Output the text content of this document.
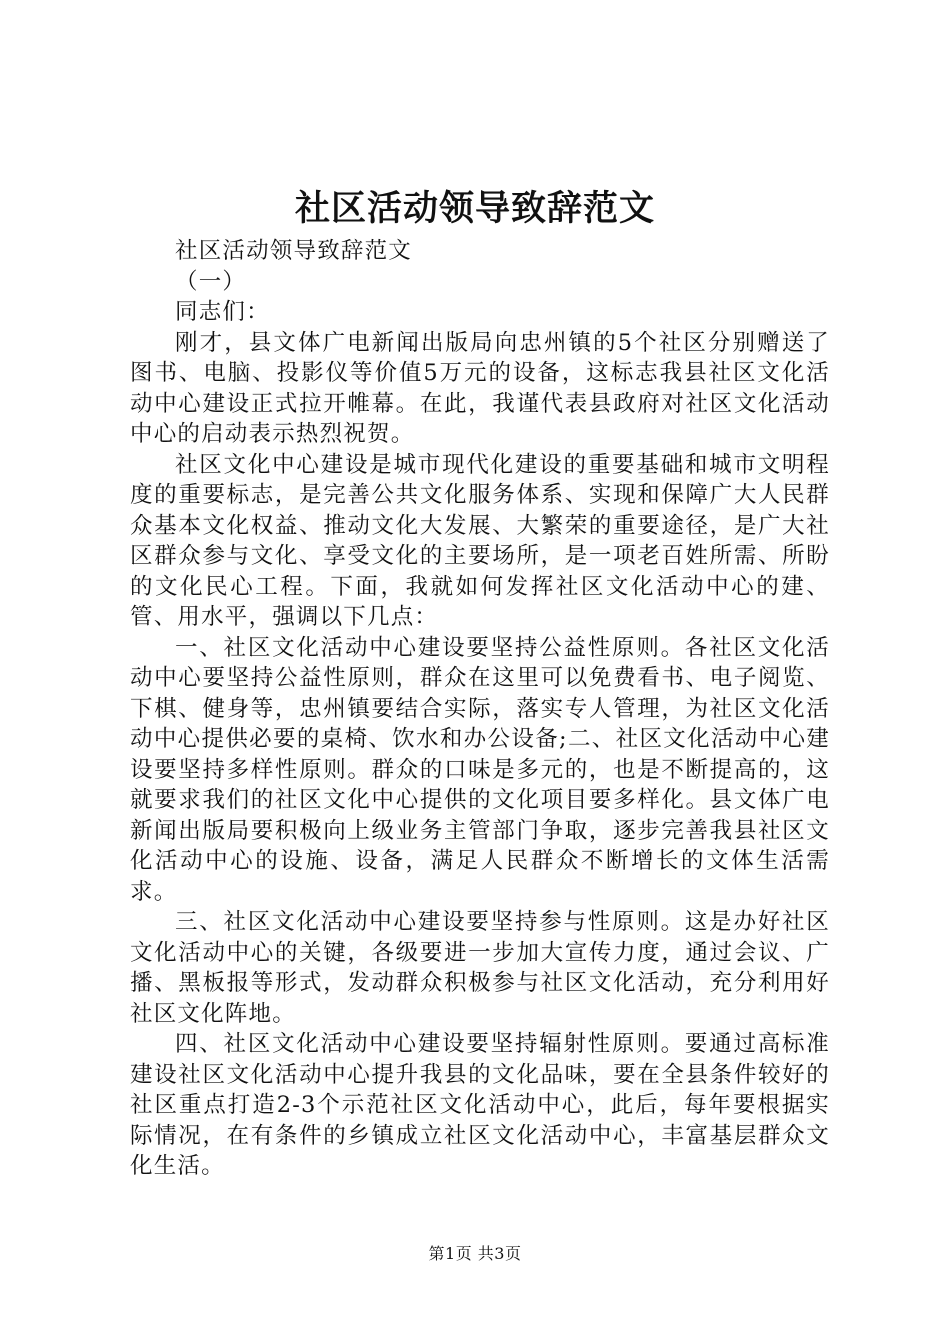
社区活动领导致辞范文

社区活动领导致辞范文

（一）

同志们：

刚才，县文体广电新闻出版局向忠州镇的5个社区分别赠送了图书、电脑、投影仪等价值5万元的设备，这标志我县社区文化活动中心建设正式拉开帷幕。在此，我谨代表县政府对社区文化活动中心的启动表示热烈祝贺。

社区文化中心建设是城市现代化建设的重要基础和城市文明程度的重要标志，是完善公共文化服务体系、实现和保障广大人民群众基本文化权益、推动文化大发展、大繁荣的重要途径，是广大社区群众参与文化、享受文化的主要场所，是一项老百姓所需、所盼的文化民心工程。下面，我就如何发挥社区文化活动中心的建、管、用水平，强调以下几点：

一、社区文化活动中心建设要坚持公益性原则。各社区文化活动中心要坚持公益性原则，群众在这里可以免费看书、电子阅览、下棋、健身等，忠州镇要结合实际，落实专人管理，为社区文化活动中心提供必要的桌椅、饮水和办公设备;二、社区文化活动中心建设要坚持多样性原则。群众的口味是多元的，也是不断提高的，这就要求我们的社区文化中心提供的文化项目要多样化。县文体广电新闻出版局要积极向上级业务主管部门争取，逐步完善我县社区文化活动中心的设施、设备，满足人民群众不断增长的文体生活需求。

三、社区文化活动中心建设要坚持参与性原则。这是办好社区文化活动中心的关键，各级要进一步加大宣传力度，通过会议、广播、黑板报等形式，发动群众积极参与社区文化活动，充分利用好社区文化阵地。

四、社区文化活动中心建设要坚持辐射性原则。要通过高标准建设社区文化活动中心提升我县的文化品味，要在全县条件较好的社区重点打造2-3个示范社区文化活动中心，此后，每年要根据实际情况，在有条件的乡镇成立社区文化活动中心，丰富基层群众文化生活。

第1页 共3页
